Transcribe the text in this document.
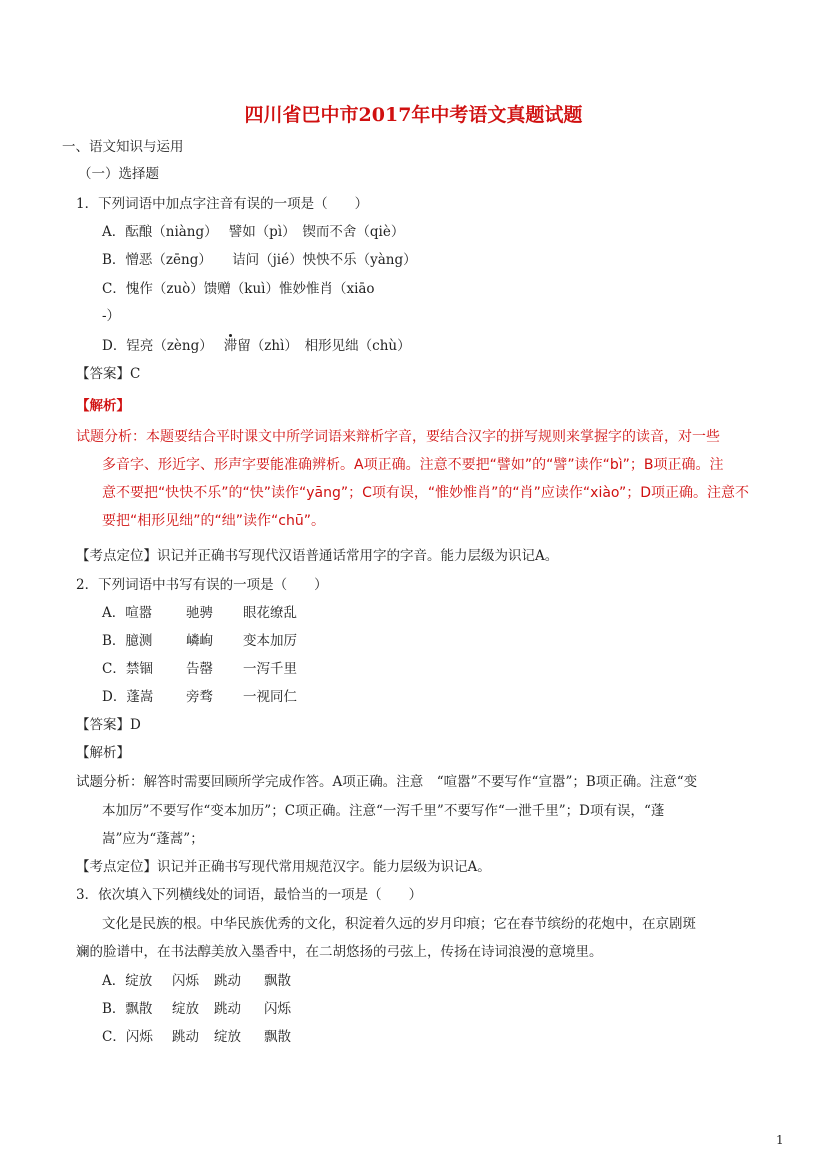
四川省巴中市2017年中考语文真题试题
一、语文知识与运用
（一）选择题
1．下列词语中加点字注音有误的一项是（　　）
A．酝酿（niàng）　 譬如（pì）　锲而不舍（qiè）
B．憎恶（zēng）　　诘问（jié）怏怏不乐（yàng）
C．愧作（zuò）馈赠（kuì）惟妙惟肖（xiāo
-）
D．锃亮（zèng）　 滞留（zhì）　相形见绌（chù）
【答案】C
【解析】
试题分析：本题要结合平时课文中所学词语来辩析字音，要结合汉字的拼写规则来掌握字的读音，对一些
多音字、形近字、形声字要能准确辨析。A项正确。注意不要把“譬如”的“譬”读作“bì”；B项正确。注
意不要把“快快不乐”的“快”读作“yāng”；C项有误，“惟妙惟肖”的“肖”应读作“xiào”；D项正确。注意不
要把“相形见绌”的“绌”读作“chū”。
【考点定位】识记并正确书写现代汉语普通话常用字的字音。能力层级为识记A。
2．下列词语中书写有误的一项是（　　）
A．喧嚣	驰骋 眼花缭乱
B．臆测 嶙峋 变本加厉
C．禁锢 告罄 一泻千里
D．蓬嵩 旁骛 一视同仁
【答案】D
【解析】
试题分析：解答时需要回顾所学完成作答。A项正确。注意　“喧嚣”不要写作“宣嚣”；B项正确。注意“变
本加厉”不要写作“变本加历”；C项正确。注意“一泻千里”不要写作“一泄千里”；D项有误，“蓬
嵩”应为“蓬蒿”；
【考点定位】识记并正确书写现代常用规范汉字。能力层级为识记A。
3．依次填入下列横线处的词语，最恰当的一项是（　　）
文化是民族的根。中华民族优秀的文化，积淀着久远的岁月印痕；它在春节缤纷的花炮中，在京剧斑
斓的脸谱中，在书法醇美放入墨香中，在二胡悠扬的弓弦上，传扬在诗词浪漫的意境里。
A．绽放 闪烁 跳动 飘散
B．飘散 绽放 跳动 闪烁
C．闪烁 跳动 绽放 飘散
1
